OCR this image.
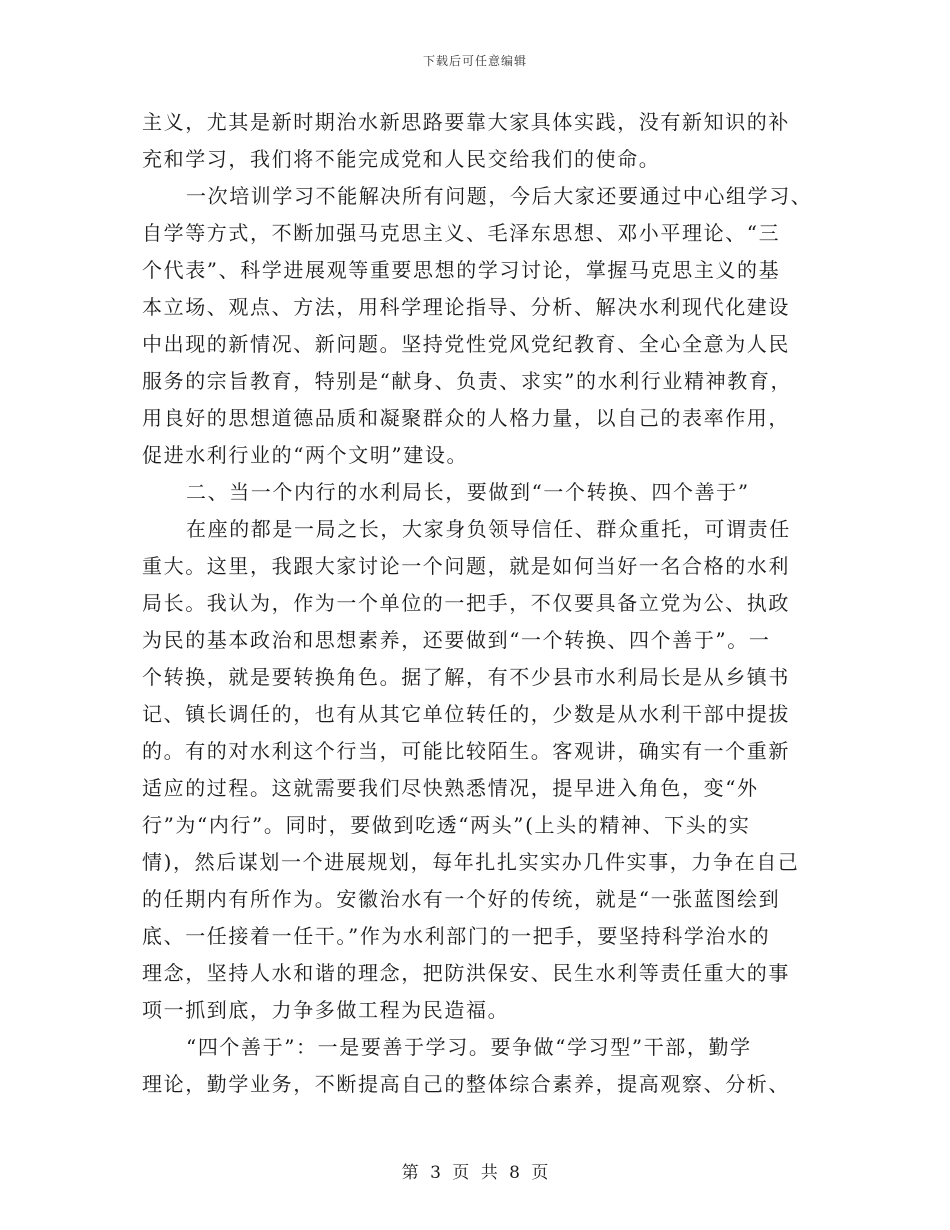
下载后可任意编辑
主义，尤其是新时期治水新思路要靠大家具体实践，没有新知识的补
充和学习，我们将不能完成党和人民交给我们的使命。
一次培训学习不能解决所有问题，今后大家还要通过中心组学习、
自学等方式，不断加强马克思主义、毛泽东思想、邓小平理论、“三
个代表”、科学进展观等重要思想的学习讨论，掌握马克思主义的基
本立场、观点、方法，用科学理论指导、分析、解决水利现代化建设
中出现的新情况、新问题。坚持党性党风党纪教育、全心全意为人民
服务的宗旨教育，特别是“献身、负责、求实”的水利行业精神教育，
用良好的思想道德品质和凝聚群众的人格力量，以自己的表率作用，
促进水利行业的“两个文明”建设。
二、当一个内行的水利局长，要做到“一个转换、四个善于”
在座的都是一局之长，大家身负领导信任、群众重托，可谓责任
重大。这里，我跟大家讨论一个问题，就是如何当好一名合格的水利
局长。我认为，作为一个单位的一把手，不仅要具备立党为公、执政
为民的基本政治和思想素养，还要做到“一个转换、四个善于”。一
个转换，就是要转换角色。据了解，有不少县市水利局长是从乡镇书
记、镇长调任的，也有从其它单位转任的，少数是从水利干部中提拔
的。有的对水利这个行当，可能比较陌生。客观讲，确实有一个重新
适应的过程。这就需要我们尽快熟悉情况，提早进入角色，变“外
行”为“内行”。同时，要做到吃透“两头”(上头的精神、下头的实
情)，然后谋划一个进展规划，每年扎扎实实办几件实事，力争在自己
的任期内有所作为。安徽治水有一个好的传统，就是“一张蓝图绘到
底、一任接着一任干。”作为水利部门的一把手，要坚持科学治水的
理念，坚持人水和谐的理念，把防洪保安、民生水利等责任重大的事
项一抓到底，力争多做工程为民造福。
“四个善于”：一是要善于学习。要争做“学习型”干部，勤学
理论，勤学业务，不断提高自己的整体综合素养，提高观察、分析、
第 3 页 共 8 页
